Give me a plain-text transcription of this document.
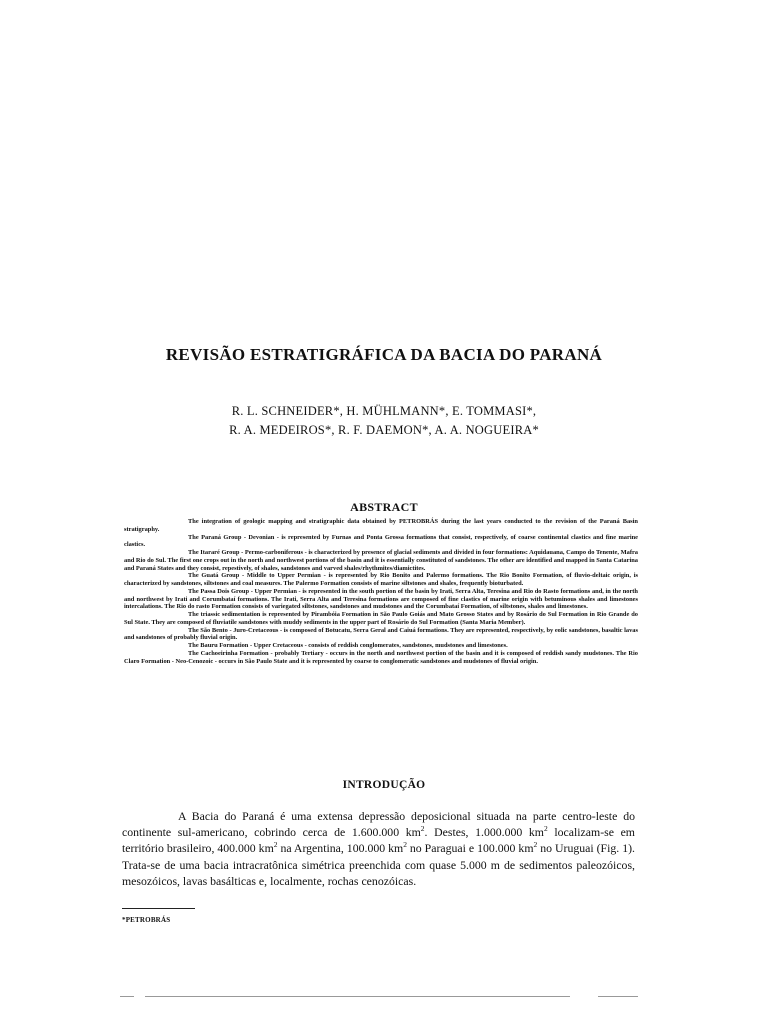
REVISÃO ESTRATIGRÁFICA DA BACIA DO PARANÁ
R. L. SCHNEIDER*, H. MÜHLMANN*, E. TOMMASI*,
R. A. MEDEIROS*, R. F. DAEMON*, A. A. NOGUEIRA*
ABSTRACT

The integration of geologic mapping and stratigraphic data obtained by PETROBRÁS during the last years conducted to the revision of the Paraná Basin stratigraphy.

The Paraná Group - Devonian - is represented by Furnas and Ponta Grossa formations that consist, respectively, of coarse continental clastics and fine marine clastics.

The Itararé Group - Permo-carboniferous - is characterized by presence of glacial sediments and divided in four formations: Aquidauana, Campo do Tenente, Mafra and Rio do Sul. The first one crops out in the north and northwest portions of the basin and it is essentially constituted of sandstones. The other are identified and mapped in Santa Catarina and Paraná States and they consist, repestively, of shales, sandstones and varved shales/rhythmites/diamictites.

The Guatá Group - Middle to Upper Permian - is represented by Rio Bonito and Palermo formations. The Rio Bonito Formation, of fluvio-deltaic origin, is characterized by sandstones, siltstones and coal measures. The Palermo Formation consists of marine siltstones and shales, frequently bioturbated.

The Passa Dois Group - Upper Permian - is represented in the south portion of the basin by Irati, Serra Alta, Teresina and Rio do Rasto formations and, in the north and northwest by Irati and Corumbataí formations. The Irati, Serra Alta and Teresina formations are composed of fine clastics of marine origin with betuminous shales and limestones intercalations. The Rio do rasto Formation consists of variegated siltstones, sandstones and mudstones and the Corumbataí Formation, of siltstones, shales and limestones.

The triassic sedimentation is represented by Pirambóia Formation in São Paulo Goiás and Mato Grosso States and by Rosário do Sul Formation in Rio Grande do Sul State. They are composed of fluviatile sandstones with muddy sediments in the upper part of Rosário do Sul Formation (Santa Maria Member).

The São Bento - Juro-Cretaceous - is composed of Botucatu, Serra Geral and Caiuá formations. They are represented, respectively, by eolic sandstones, basaltic lavas and sandstones of probably fluvial origin.

The Bauru Formation - Upper Cretaceous - consists of reddish conglomerates, sandstones, mudstones and limestones.

The Cachoeirinha Formation - probably Tertiary - occurs in the north and northwest portion of the basin and it is composed of reddish sandy mudstones. The Rio Claro Formation - Neo-Cenozoic - occurs in São Paulo State and it is represented by coarse to conglomeratic sandstones and mudstones of fluvial origin.

INTRODUÇÃO

A Bacia do Paraná é uma extensa depressão deposicional situada na parte centro-leste do continente sul-americano, cobrindo cerca de 1.600.000 $km^2$. Destes, 1.000.000 $km^2$ localizam-se em território brasileiro, 400.000 $km^2$ na Argentina, 100.000 $km^2$ no Paraguai e 100.000 $km^2$ no Uruguai (Fig. 1). Trata-se de uma bacia intracratônica simétrica preenchida com quase 5.000 m de sedimentos paleozóicos, mesozóicos, lavas basálticas e, localmente, rochas cenozóicas.

*PETROBRÁS
